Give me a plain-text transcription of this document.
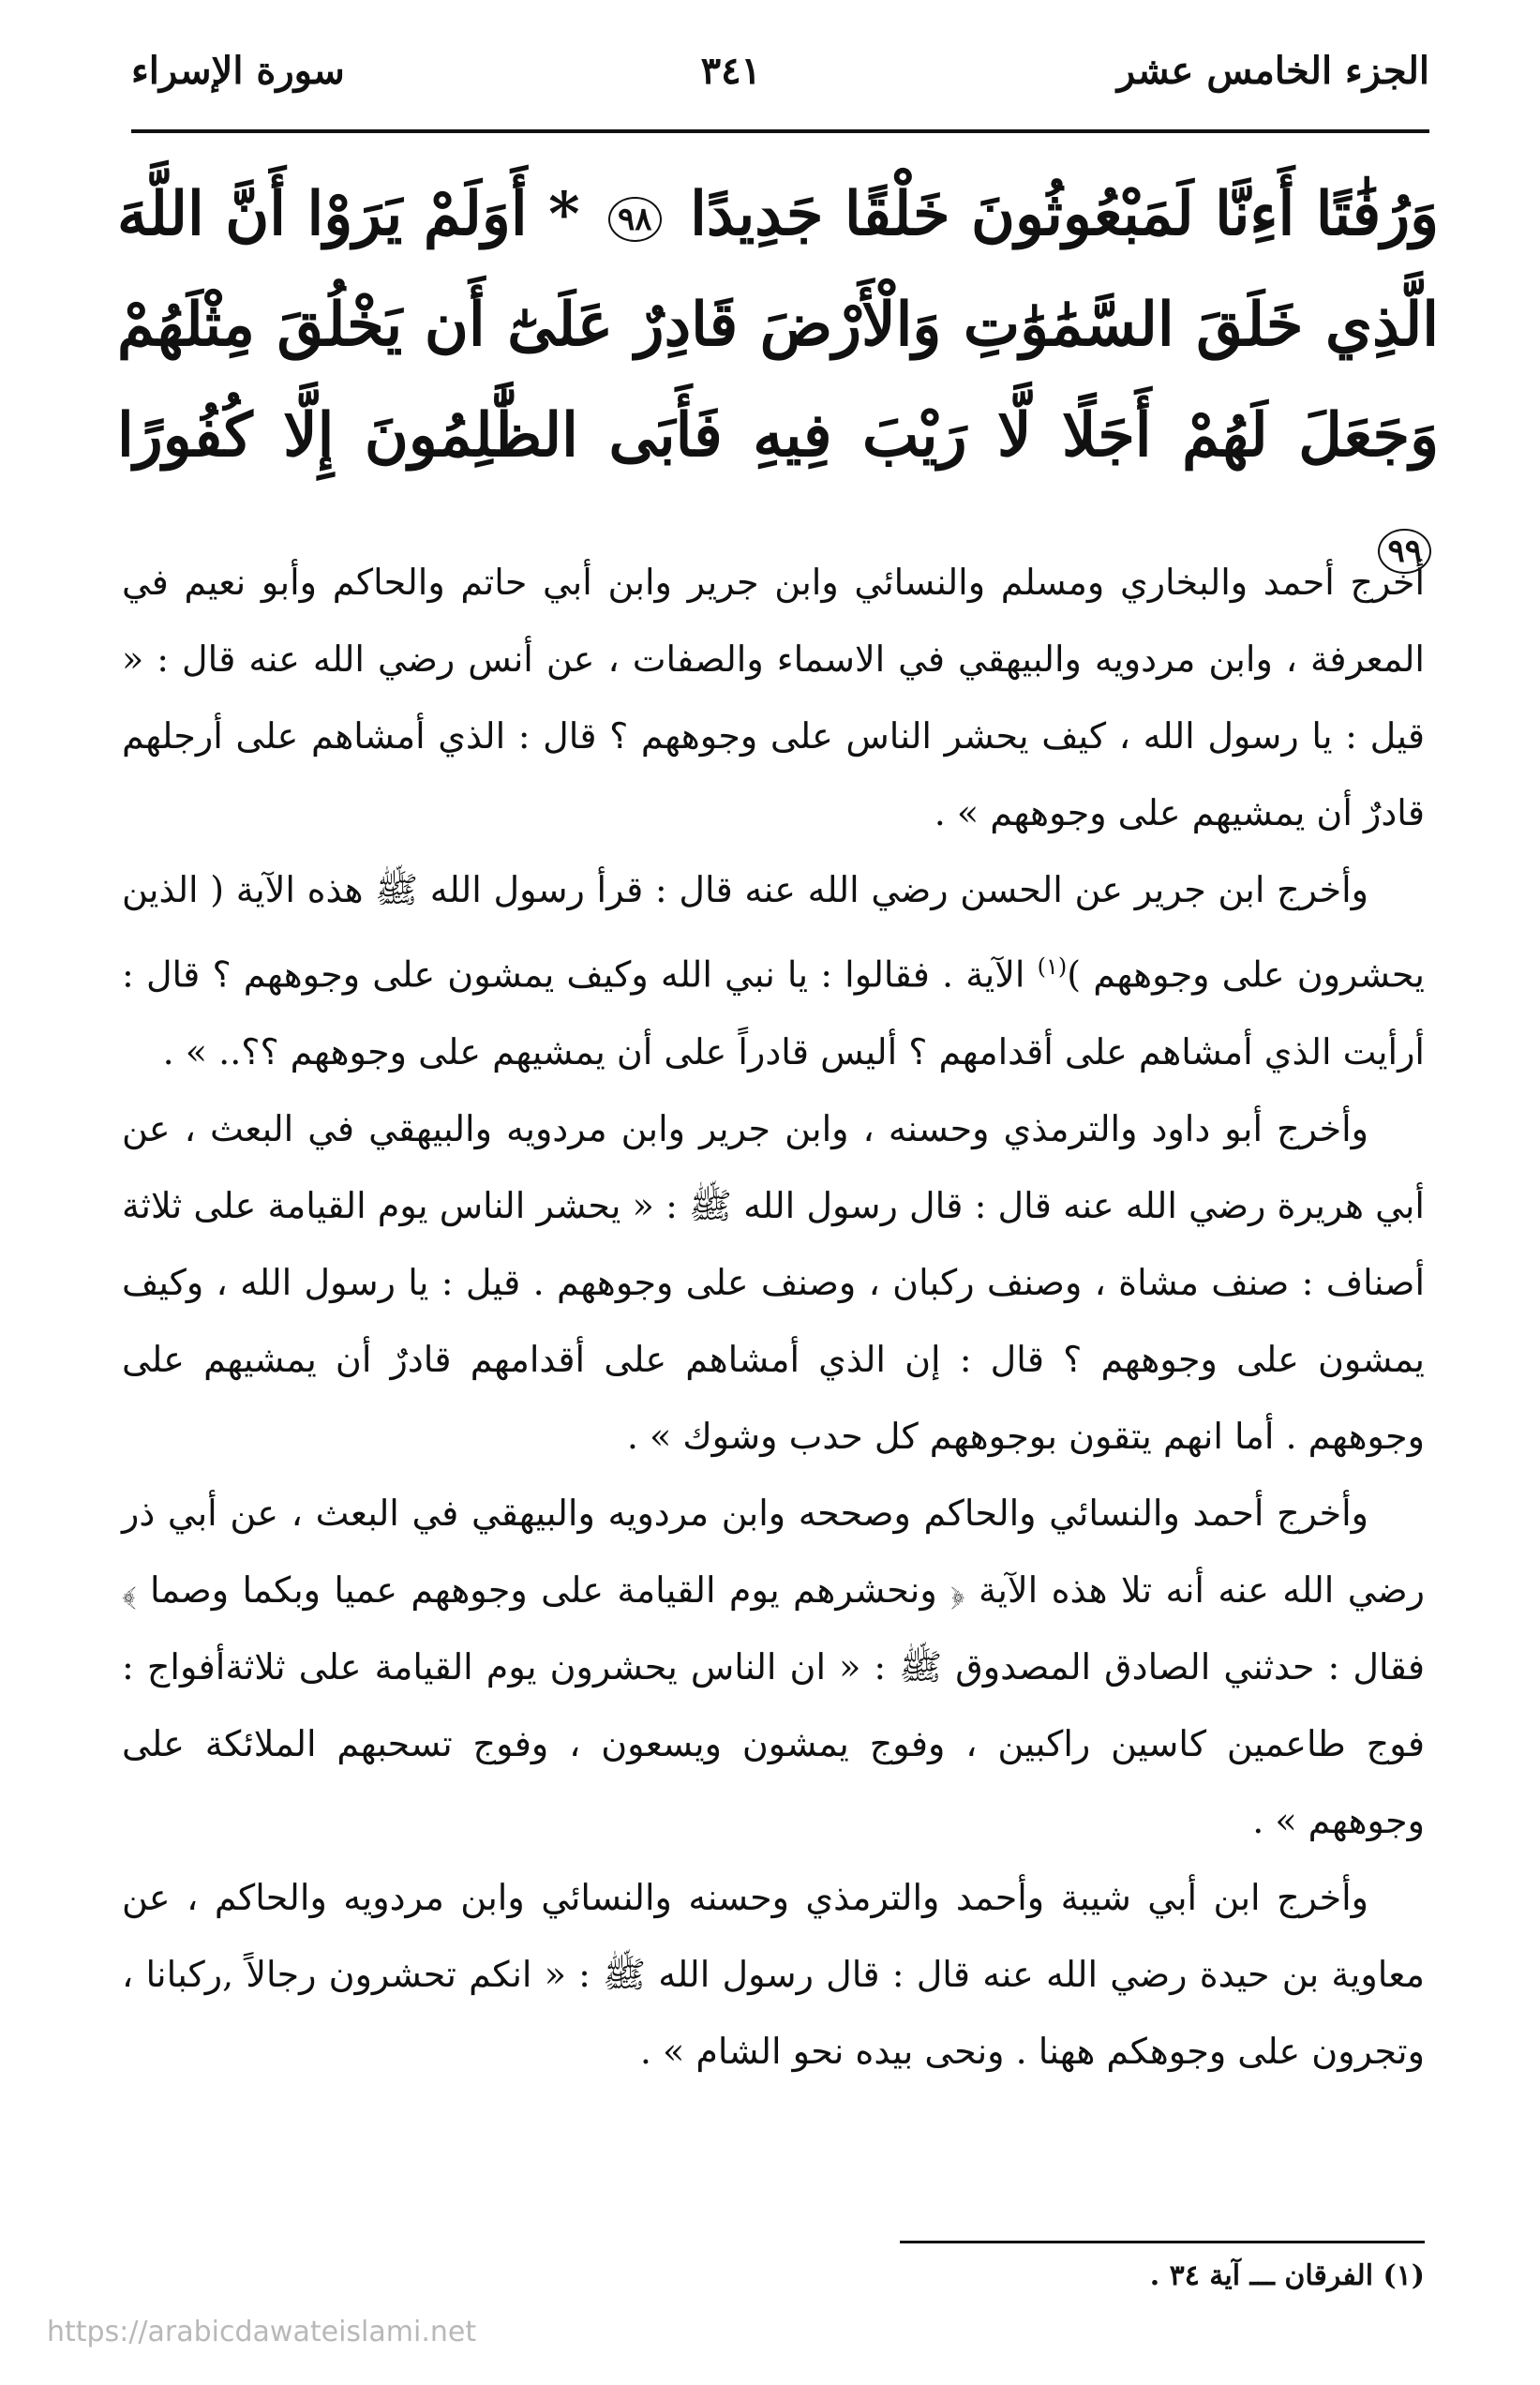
الجزء الخامس عشر
٣٤١
سورة الإسراء
وَرُفَٰتًا أَءِنَّا لَمَبْعُوثُونَ خَلْقًا جَدِيدًا ٩٨ * أَوَلَمْ يَرَوْا أَنَّ اللَّهَ الَّذِي خَلَقَ السَّمَٰوَٰتِ وَالْأَرْضَ قَادِرٌ عَلَىٰٓ أَن يَخْلُقَ مِثْلَهُمْ وَجَعَلَ لَهُمْ أَجَلًا لَّا رَيْبَ فِيهِ فَأَبَى الظَّٰلِمُونَ إِلَّا كُفُورًا ٩٩

أخرج أحمد والبخاري ومسلم والنسائي وابن جرير وابن أبي حاتم والحاكم وأبو نعيم في المعرفة ، وابن مردويه والبيهقي في الاسماء والصفات ، عن أنس رضي الله عنه قال : « قيل : يا رسول الله ، كيف يحشر الناس على وجوههم ؟ قال : الذي أمشاهم على أرجلهم قادرٌ أن يمشيهم على وجوههم » .

وأخرج ابن جرير عن الحسن رضي الله عنه قال : قرأ رسول الله ﷺ هذه الآية ( الذين يحشرون على وجوههم )$^{(١)}$ الآية . فقالوا : يا نبي الله وكيف يمشون على وجوههم ؟ قال : أرأيت الذي أمشاهم على أقدامهم ؟ أليس قادراً على أن يمشيهم على وجوههم ؟؟.. » .

وأخرج أبو داود والترمذي وحسنه ، وابن جرير وابن مردويه والبيهقي في البعث ، عن أبي هريرة رضي الله عنه قال : قال رسول الله ﷺ : « يحشر الناس يوم القيامة على ثلاثة أصناف : صنف مشاة ، وصنف ركبان ، وصنف على وجوههم . قيل : يا رسول الله ، وكيف يمشون على وجوههم ؟ قال : إن الذي أمشاهم على أقدامهم قادرٌ أن يمشيهم على وجوههم . أما انهم يتقون بوجوههم كل حدب وشوك » .

وأخرج أحمد والنسائي والحاكم وصححه وابن مردويه والبيهقي في البعث ، عن أبي ذر رضي الله عنه أنه تلا هذه الآية ﴿ ونحشرهم يوم القيامة على وجوههم عميا وبكما وصما ﴾ فقال : حدثني الصادق المصدوق ﷺ : « ان الناس يحشرون يوم القيامة على ثلاثةأفواج : فوج طاعمين كاسين راكبين ، وفوج يمشون ويسعون ، وفوج تسحبهم الملائكة على وجوههم » .

وأخرج ابن أبي شيبة وأحمد والترمذي وحسنه والنسائي وابن مردويه والحاكم ، عن معاوية بن حيدة رضي الله عنه قال : قال رسول الله ﷺ : « انكم تحشرون رجالاً ,ركبانا ، وتجرون على وجوهكم ههنا . ونحى بيده نحو الشام » .

(١) الفرقان ـــ آية ٣٤ .
https://arabicdawateislami.net
